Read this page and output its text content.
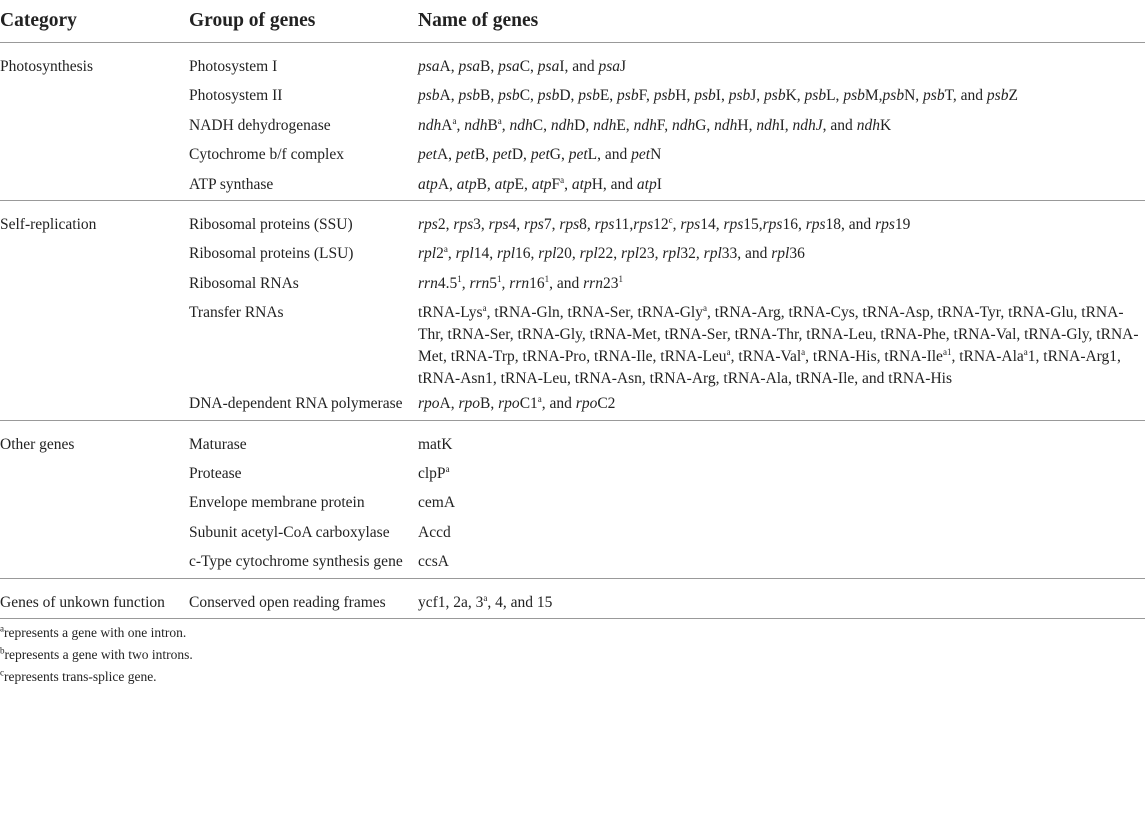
Category	Group of genes	Name of genes
Photosynthesis	Photosystem I	psaA, psaB, psaC, psaI, and psaJ
	Photosystem II	psbA, psbB, psbC, psbD, psbE, psbF, psbH, psbI, psbJ, psbK, psbL, psbM,psbN, psbT, and psbZ
	NADH dehydrogenase	ndhA$^a$, ndhB$^a$, ndhC, ndhD, ndhE, ndhF, ndhG, ndhH, ndhI, ndhJ, and ndhK
	Cytochrome b/f complex	petA, petB, petD, petG, petL, and petN
	ATP synthase	atpA, atpB, atpE, atpF$^a$, atpH, and atpI

Self-replication	Ribosomal proteins (SSU)	rps2, rps3, rps4, rps7, rps8, rps11,rps12$^c$, rps14, rps15,rps16, rps18, and rps19
	Ribosomal proteins (LSU)	rpl2$^a$, rpl14, rpl16, rpl20, rpl22, rpl23, rpl32, rpl33, and rpl36
	Ribosomal RNAs	$rrn4.5^1$, $rrn5^1$, $rrn16^1$, and $rrn23^1$
	Transfer RNAs	tRNA-Lys$^a$, tRNA-Gln, tRNA-Ser, tRNA-Gly$^a$, tRNA-Arg, tRNA-Cys, tRNA-Asp, tRNA-Tyr, tRNA-Glu, tRNA-Thr, tRNA-Ser, tRNA-Gly, tRNA-Met, tRNA-Ser, tRNA-Thr, tRNA-Leu, tRNA-Phe, tRNA-Val, tRNA-Gly, tRNA-Met, tRNA-Trp, tRNA-Pro, tRNA-Ile, tRNA-Leu$^a$, tRNA-Val$^a$, tRNA-His, tRNA-Ile$^{a1}$, tRNA-Ala$^a$1, tRNA-Arg1, tRNA-Asn1, tRNA-Leu, tRNA-Asn, tRNA-Arg, tRNA-Ala, tRNA-Ile, and tRNA-His
	DNA-dependent RNA polymerase	rpoA, rpoB, rpoC1$^a$, and rpoC2

Other genes	Maturase	matK
	Protease	clpP$^a$
	Envelope membrane protein	cemA
	Subunit acetyl-CoA carboxylase	Accd
	c-Type cytochrome synthesis gene	ccsA

Genes of unkown function	Conserved open reading frames	ycf1, 2a, 3$^a$, 4, and 15

$^a$represents a gene with one intron.
$^b$represents a gene with two introns.
$^c$represents trans-splice gene.
